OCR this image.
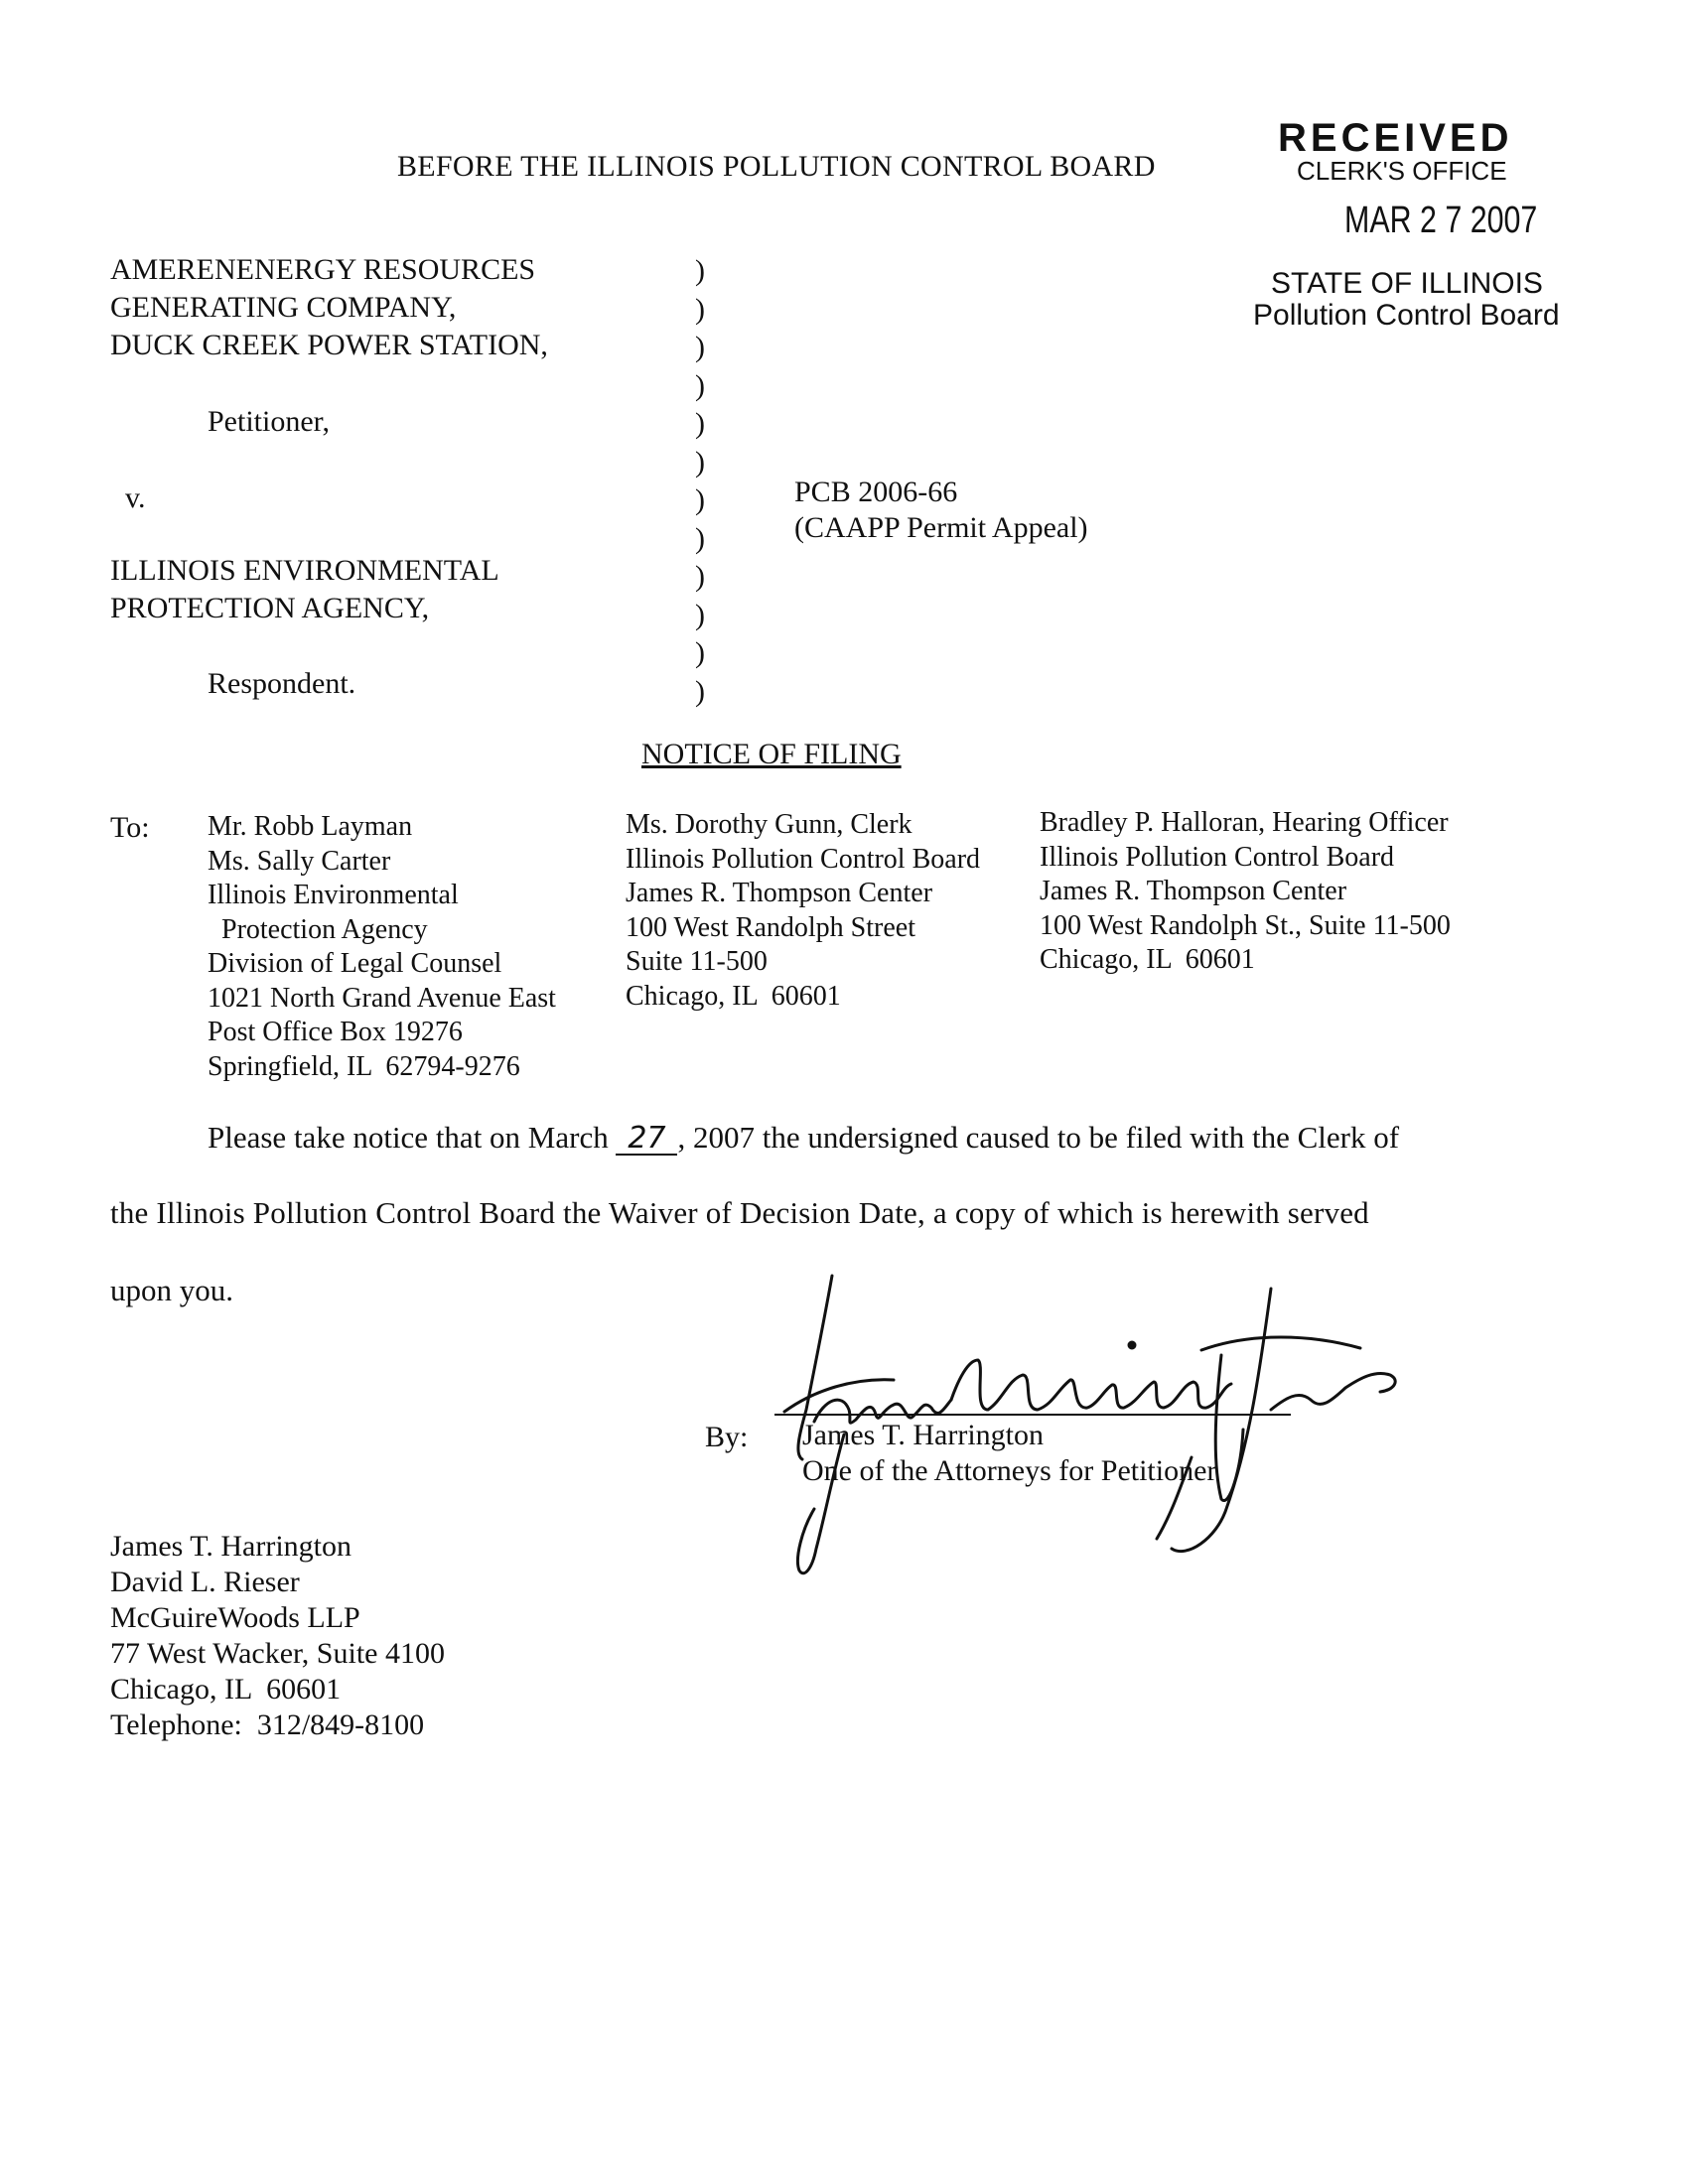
BEFORE THE ILLINOIS POLLUTION CONTROL BOARD
RECEIVED
CLERK'S OFFICE
MAR 2 7 2007
STATE OF ILLINOIS
Pollution Control Board
AMERENENERGY RESOURCES
GENERATING COMPANY,
DUCK CREEK POWER STATION,
Petitioner,
v.
ILLINOIS ENVIRONMENTAL
PROTECTION AGENCY,
Respondent.
)
)
)
)
)
)
)
)
)
)
)
)
PCB 2006-66
(CAAPP Permit Appeal)
NOTICE OF FILING
To: Mr. Robb Layman
Ms. Sally Carter
Illinois Environmental
Protection Agency
Division of Legal Counsel
1021 North Grand Avenue East
Post Office Box 19276
Springfield, IL  62794-9276
Ms. Dorothy Gunn, Clerk
Illinois Pollution Control Board
James R. Thompson Center
100 West Randolph Street
Suite 11-500
Chicago, IL  60601
Bradley P. Halloran, Hearing Officer
Illinois Pollution Control Board
James R. Thompson Center
100 West Randolph St., Suite 11-500
Chicago, IL  60601
Please take notice that on March 27 , 2007 the undersigned caused to be filed with the Clerk of
the Illinois Pollution Control Board the Waiver of Decision Date, a copy of which is herewith served
upon you.
By: James T. Harrington
One of the Attorneys for Petitioner
James T. Harrington
David L. Rieser
McGuireWoods LLP
77 West Wacker, Suite 4100
Chicago, IL  60601
Telephone:  312/849-8100
